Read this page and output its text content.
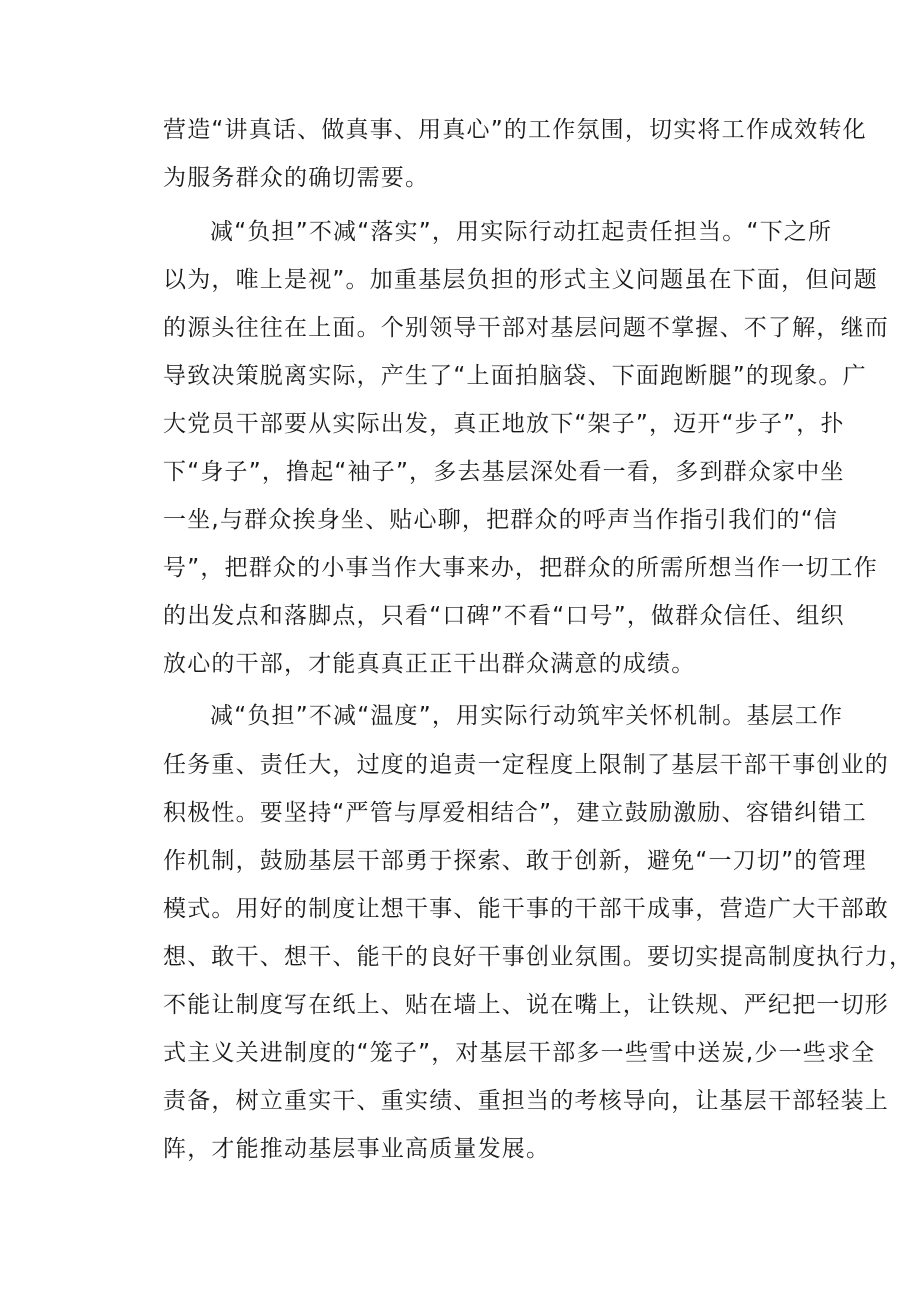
营造“讲真话、做真事、用真心”的工作氛围，切实将工作成效转化
为服务群众的确切需要。
减“负担”不减“落实”，用实际行动扛起责任担当。“下之所
以为，唯上是视”。加重基层负担的形式主义问题虽在下面，但问题
的源头往往在上面。个别领导干部对基层问题不掌握、不了解，继而
导致决策脱离实际，产生了“上面拍脑袋、下面跑断腿”的现象。广
大党员干部要从实际出发，真正地放下“架子”，迈开“步子”，扑
下“身子”，撸起“袖子”，多去基层深处看一看，多到群众家中坐
一坐,与群众挨身坐、贴心聊，把群众的呼声当作指引我们的“信
号”，把群众的小事当作大事来办，把群众的所需所想当作一切工作
的出发点和落脚点，只看“口碑”不看“口号”，做群众信任、组织
放心的干部，才能真真正正干出群众满意的成绩。
减“负担”不减“温度”，用实际行动筑牢关怀机制。基层工作
任务重、责任大，过度的追责一定程度上限制了基层干部干事创业的
积极性。要坚持“严管与厚爱相结合”，建立鼓励激励、容错纠错工
作机制，鼓励基层干部勇于探索、敢于创新，避免“一刀切”的管理
模式。用好的制度让想干事、能干事的干部干成事，营造广大干部敢
想、敢干、想干、能干的良好干事创业氛围。要切实提高制度执行力，
不能让制度写在纸上、贴在墙上、说在嘴上，让铁规、严纪把一切形
式主义关进制度的“笼子”，对基层干部多一些雪中送炭,少一些求全
责备，树立重实干、重实绩、重担当的考核导向，让基层干部轻装上
阵，才能推动基层事业高质量发展。
